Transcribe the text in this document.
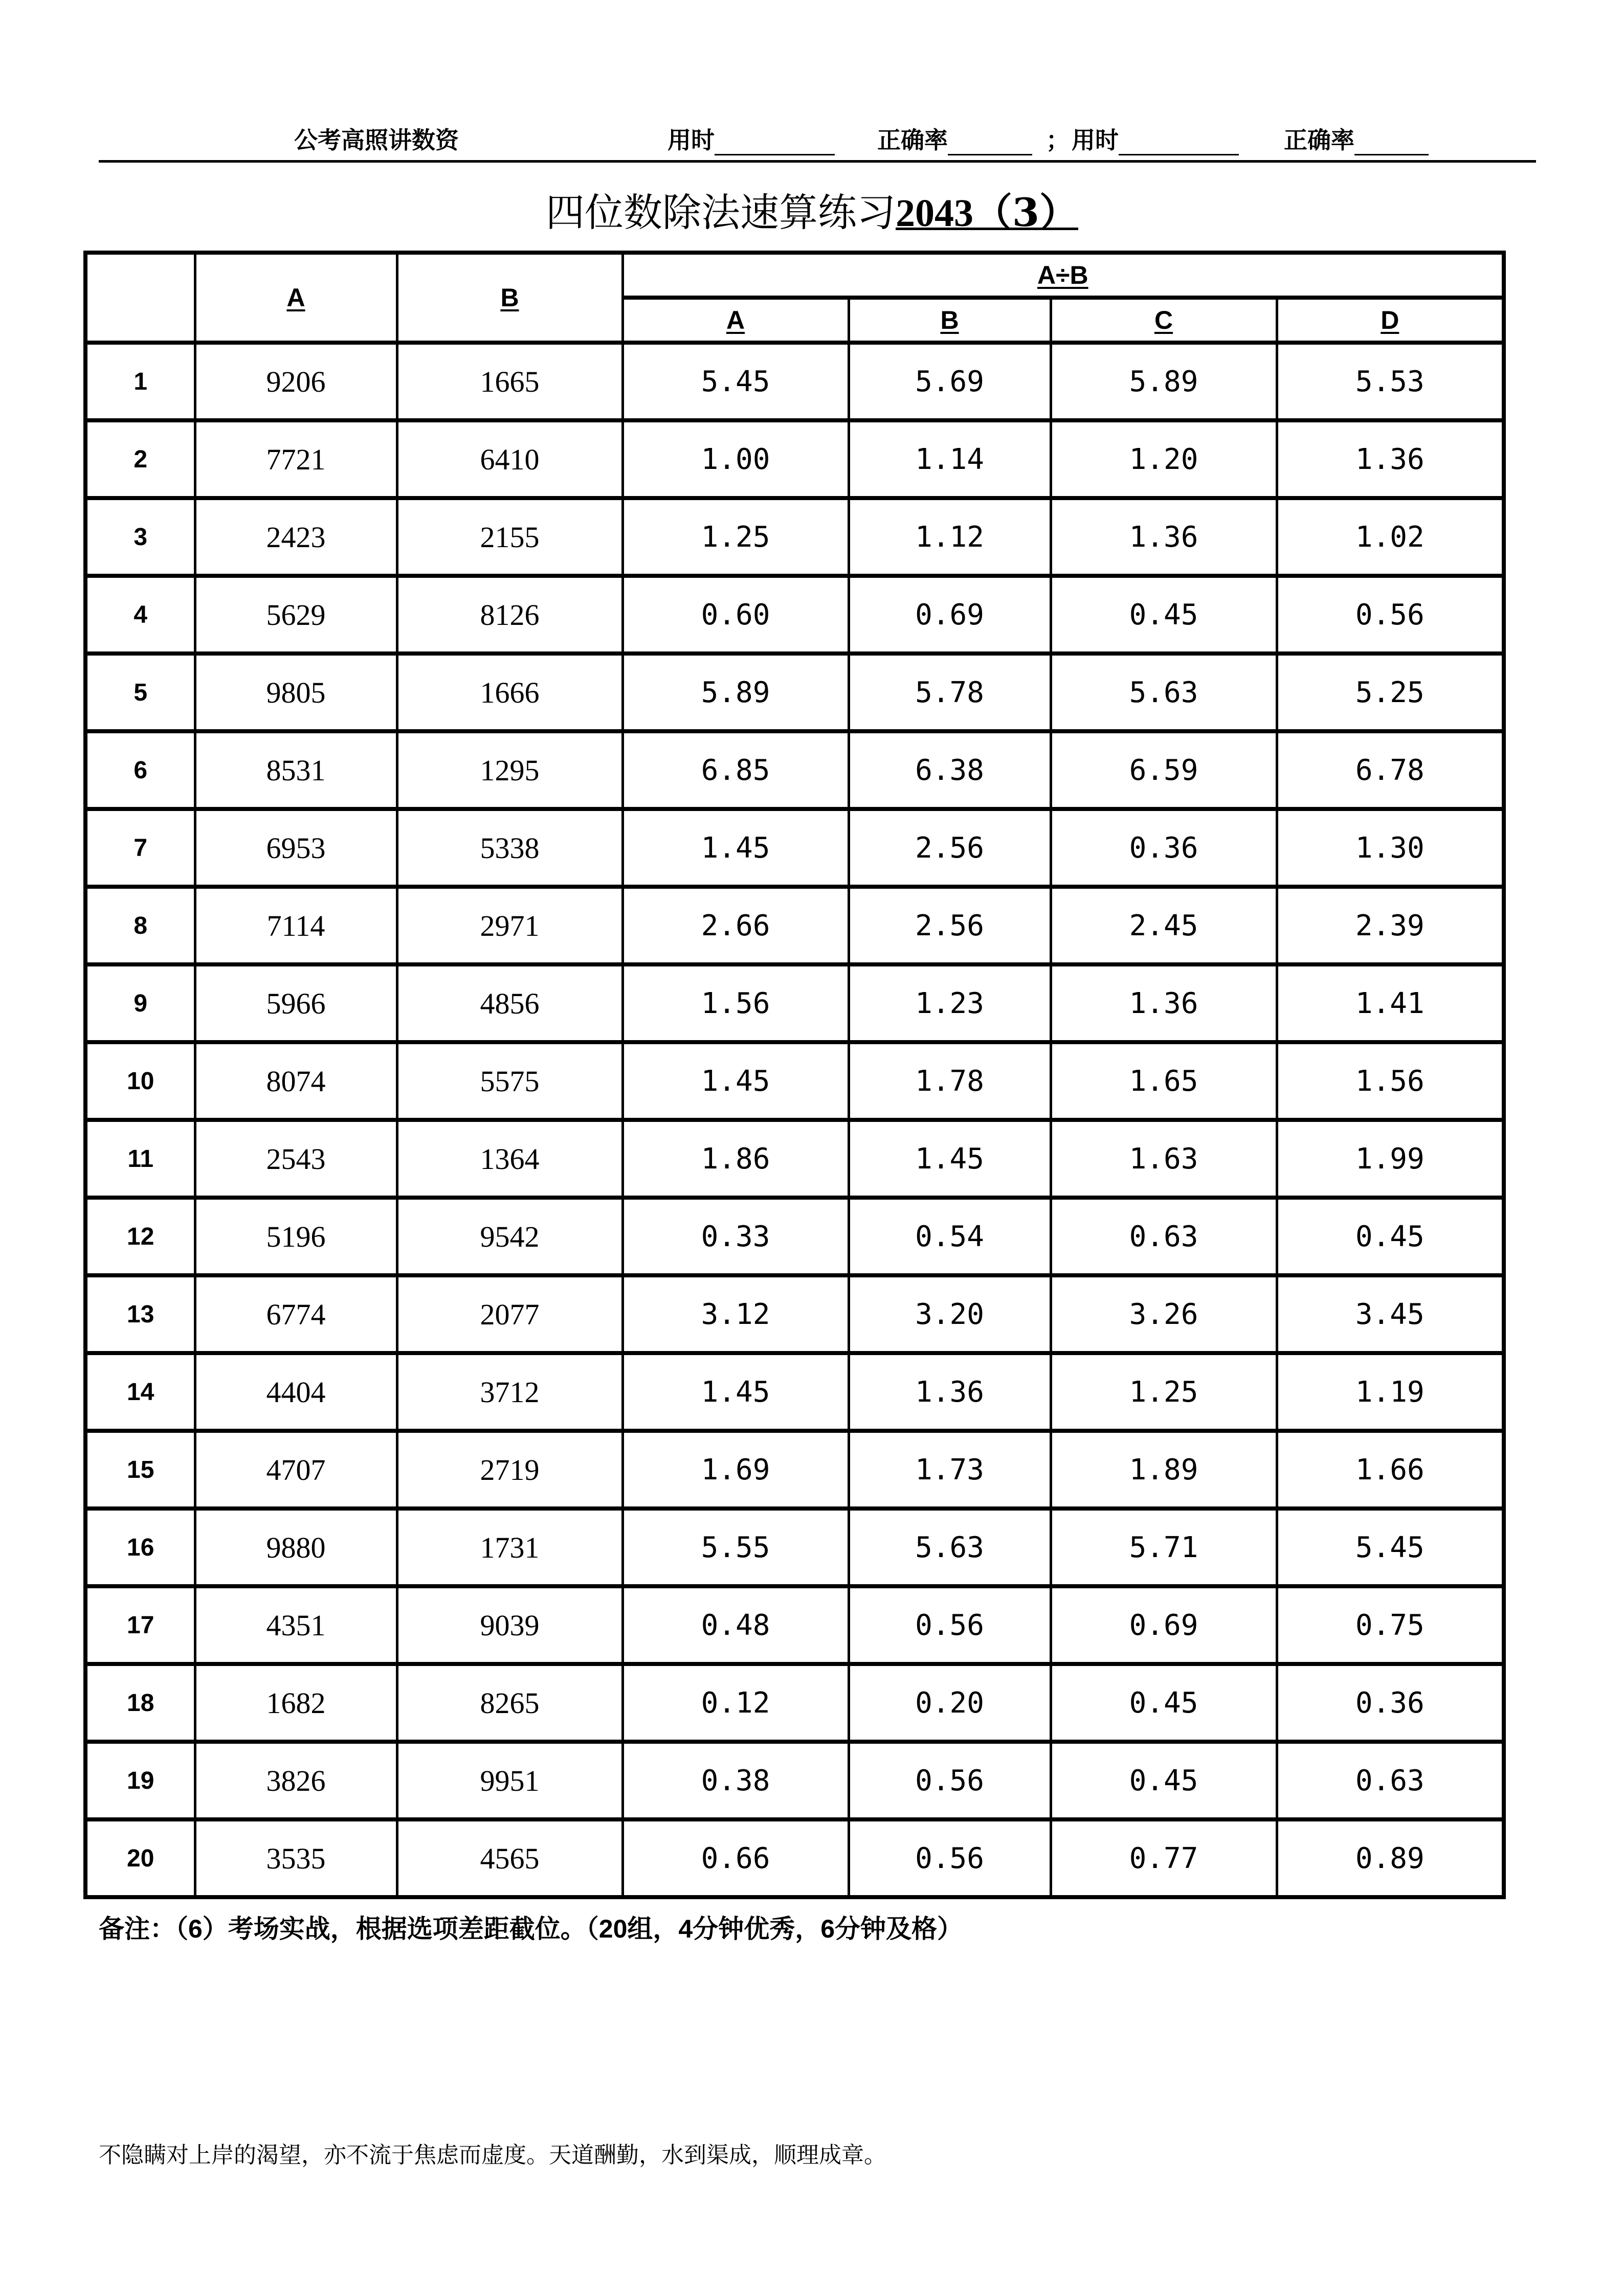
公考高照讲数资	用时	正确率	； 用时	正确率
四位数除法速算练习2043（3）
	A	B	A÷B			
			A	B	C	D
1	9206	1665	5.45	5.69	5.89	5.53
2	7721	6410	1.00	1.14	1.20	1.36
3	2423	2155	1.25	1.12	1.36	1.02
4	5629	8126	0.60	0.69	0.45	0.56
5	9805	1666	5.89	5.78	5.63	5.25
6	8531	1295	6.85	6.38	6.59	6.78
7	6953	5338	1.45	2.56	0.36	1.30
8	7114	2971	2.66	2.56	2.45	2.39
9	5966	4856	1.56	1.23	1.36	1.41
10	8074	5575	1.45	1.78	1.65	1.56
11	2543	1364	1.86	1.45	1.63	1.99
12	5196	9542	0.33	0.54	0.63	0.45
13	6774	2077	3.12	3.20	3.26	3.45
14	4404	3712	1.45	1.36	1.25	1.19
15	4707	2719	1.69	1.73	1.89	1.66
16	9880	1731	5.55	5.63	5.71	5.45
17	4351	9039	0.48	0.56	0.69	0.75
18	1682	8265	0.12	0.20	0.45	0.36
19	3826	9951	0.38	0.56	0.45	0.63
20	3535	4565	0.66	0.56	0.77	0.89
备注：（6）考场实战，根据选项差距截位。（20组，4分钟优秀，6分钟及格）
不隐瞒对上岸的渴望，亦不流于焦虑而虚度。天道酬勤，水到渠成，顺理成章。
